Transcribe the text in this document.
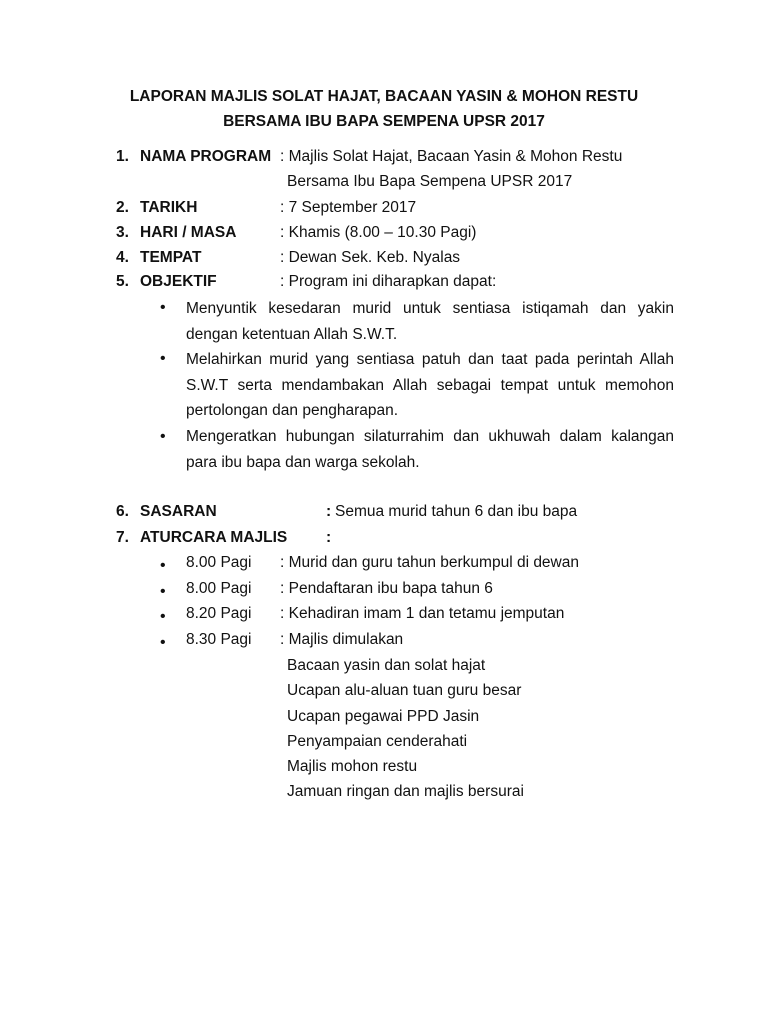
LAPORAN MAJLIS SOLAT HAJAT, BACAAN YASIN & MOHON RESTU
BERSAMA IBU BAPA SEMPENA UPSR 2017
1. NAMA PROGRAM : Majlis Solat Hajat, Bacaan Yasin & Mohon Restu
Bersama Ibu Bapa Sempena UPSR 2017
2. TARIKH	: 7 September 2017
3. HARI / MASA	: Khamis (8.00 – 10.30 Pagi)
4. TEMPAT	: Dewan Sek. Keb. Nyalas
5. OBJEKTIF	: Program ini diharapkan dapat:
• Menyuntik kesedaran murid untuk sentiasa istiqamah dan yakin dengan ketentuan Allah S.W.T.
• Melahirkan murid yang sentiasa patuh dan taat pada perintah Allah S.W.T serta mendambakan Allah sebagai tempat untuk memohon pertolongan dan pengharapan.
• Mengeratkan hubungan silaturrahim dan ukhuwah dalam kalangan para ibu bapa dan warga sekolah.
6. SASARAN	: Semua murid tahun 6 dan ibu bapa
7. ATURCARA MAJLIS	:
• 8.00 Pagi : Murid dan guru tahun berkumpul di dewan
• 8.00 Pagi : Pendaftaran ibu bapa tahun 6
• 8.20 Pagi : Kehadiran imam 1 dan tetamu jemputan
• 8.30 Pagi : Majlis dimulakan
Bacaan yasin dan solat hajat
Ucapan alu-aluan tuan guru besar
Ucapan pegawai PPD Jasin
Penyampaian cenderahati
Majlis mohon restu
Jamuan ringan dan majlis bersurai
